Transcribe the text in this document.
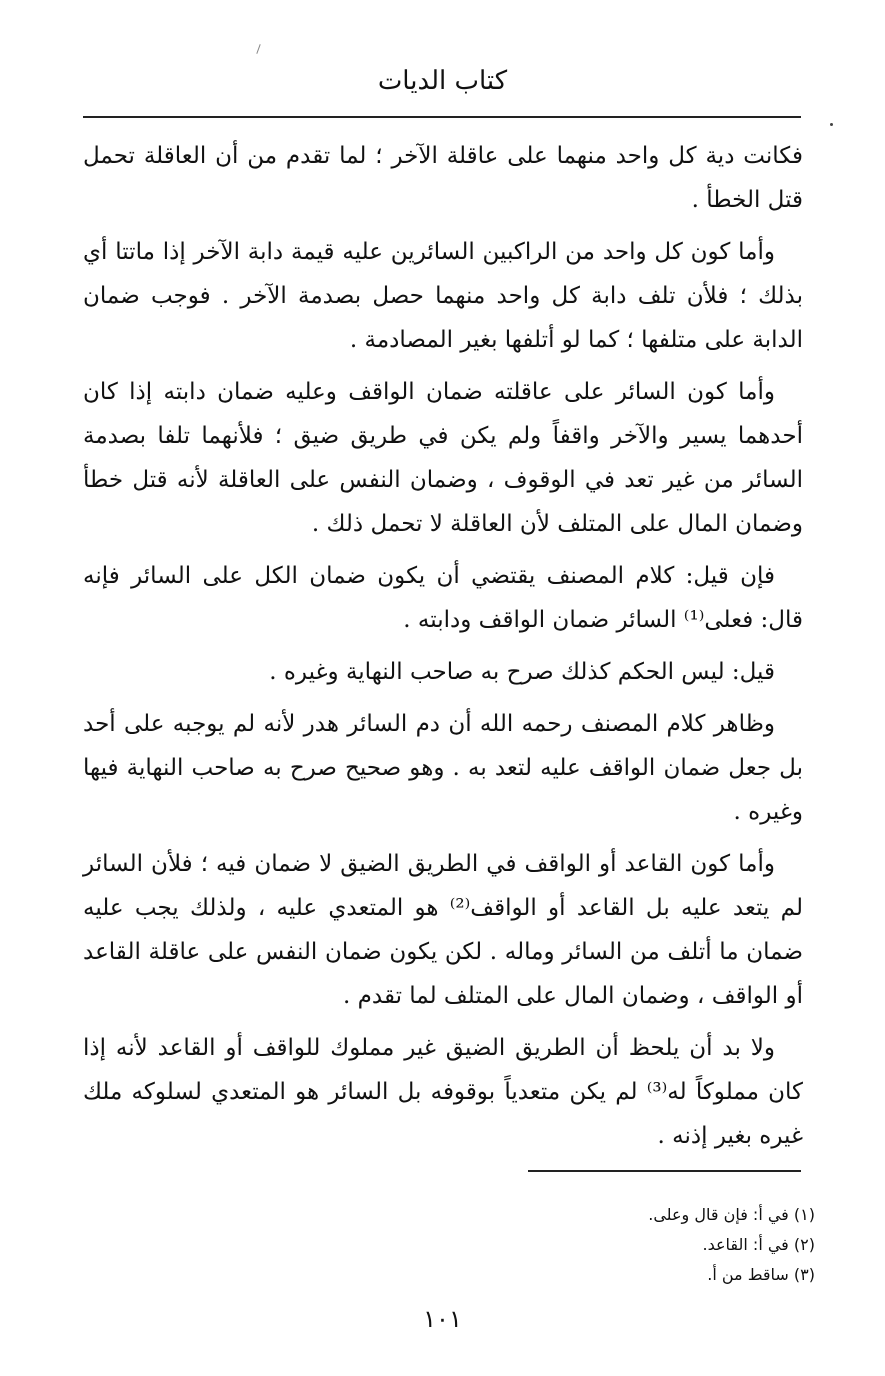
كتاب الديات

فكانت دية كل واحد منهما على عاقلة الآخر ؛ لما تقدم من أن العاقلة تحمل قتل الخطأ .

وأما كون كل واحد من الراكبين السائرين عليه قيمة دابة الآخر إذا ماتتا أي بذلك ؛ فلأن تلف دابة كل واحد منهما حصل بصدمة الآخر . فوجب ضمان الدابة على متلفها ؛ كما لو أتلفها بغير المصادمة .

وأما كون السائر على عاقلته ضمان الواقف وعليه ضمان دابته إذا كان أحدهما يسير والآخر واقفاً ولم يكن في طريق ضيق ؛ فلأنهما تلفا بصدمة السائر من غير تعد في الوقوف ، وضمان النفس على العاقلة لأنه قتل خطأ وضمان المال على المتلف لأن العاقلة لا تحمل ذلك .

فإن قيل: كلام المصنف يقتضي أن يكون ضمان الكل على السائر فإنه قال: فعلى⁽¹⁾ السائر ضمان الواقف ودابته .

قيل: ليس الحكم كذلك صرح به صاحب النهاية وغيره .

وظاهر كلام المصنف رحمه الله أن دم السائر هدر لأنه لم يوجبه على أحد بل جعل ضمان الواقف عليه لتعد به . وهو صحيح صرح به صاحب النهاية فيها وغيره .

وأما كون القاعد أو الواقف في الطريق الضيق لا ضمان فيه ؛ فلأن السائر لم يتعد عليه بل القاعد أو الواقف⁽²⁾ هو المتعدي عليه ، ولذلك يجب عليه ضمان ما أتلف من السائر وماله . لكن يكون ضمان النفس على عاقلة القاعد أو الواقف ، وضمان المال على المتلف لما تقدم .

ولا بد أن يلحظ أن الطريق الضيق غير مملوك للواقف أو القاعد لأنه إذا كان مملوكاً له⁽³⁾ لم يكن متعدياً بوقوفه بل السائر هو المتعدي لسلوكه ملك غيره بغير إذنه .

(١) في أ: فإن قال وعلى.

(٢) في أ: القاعد.

(٣) ساقط من أ.

١٠١
